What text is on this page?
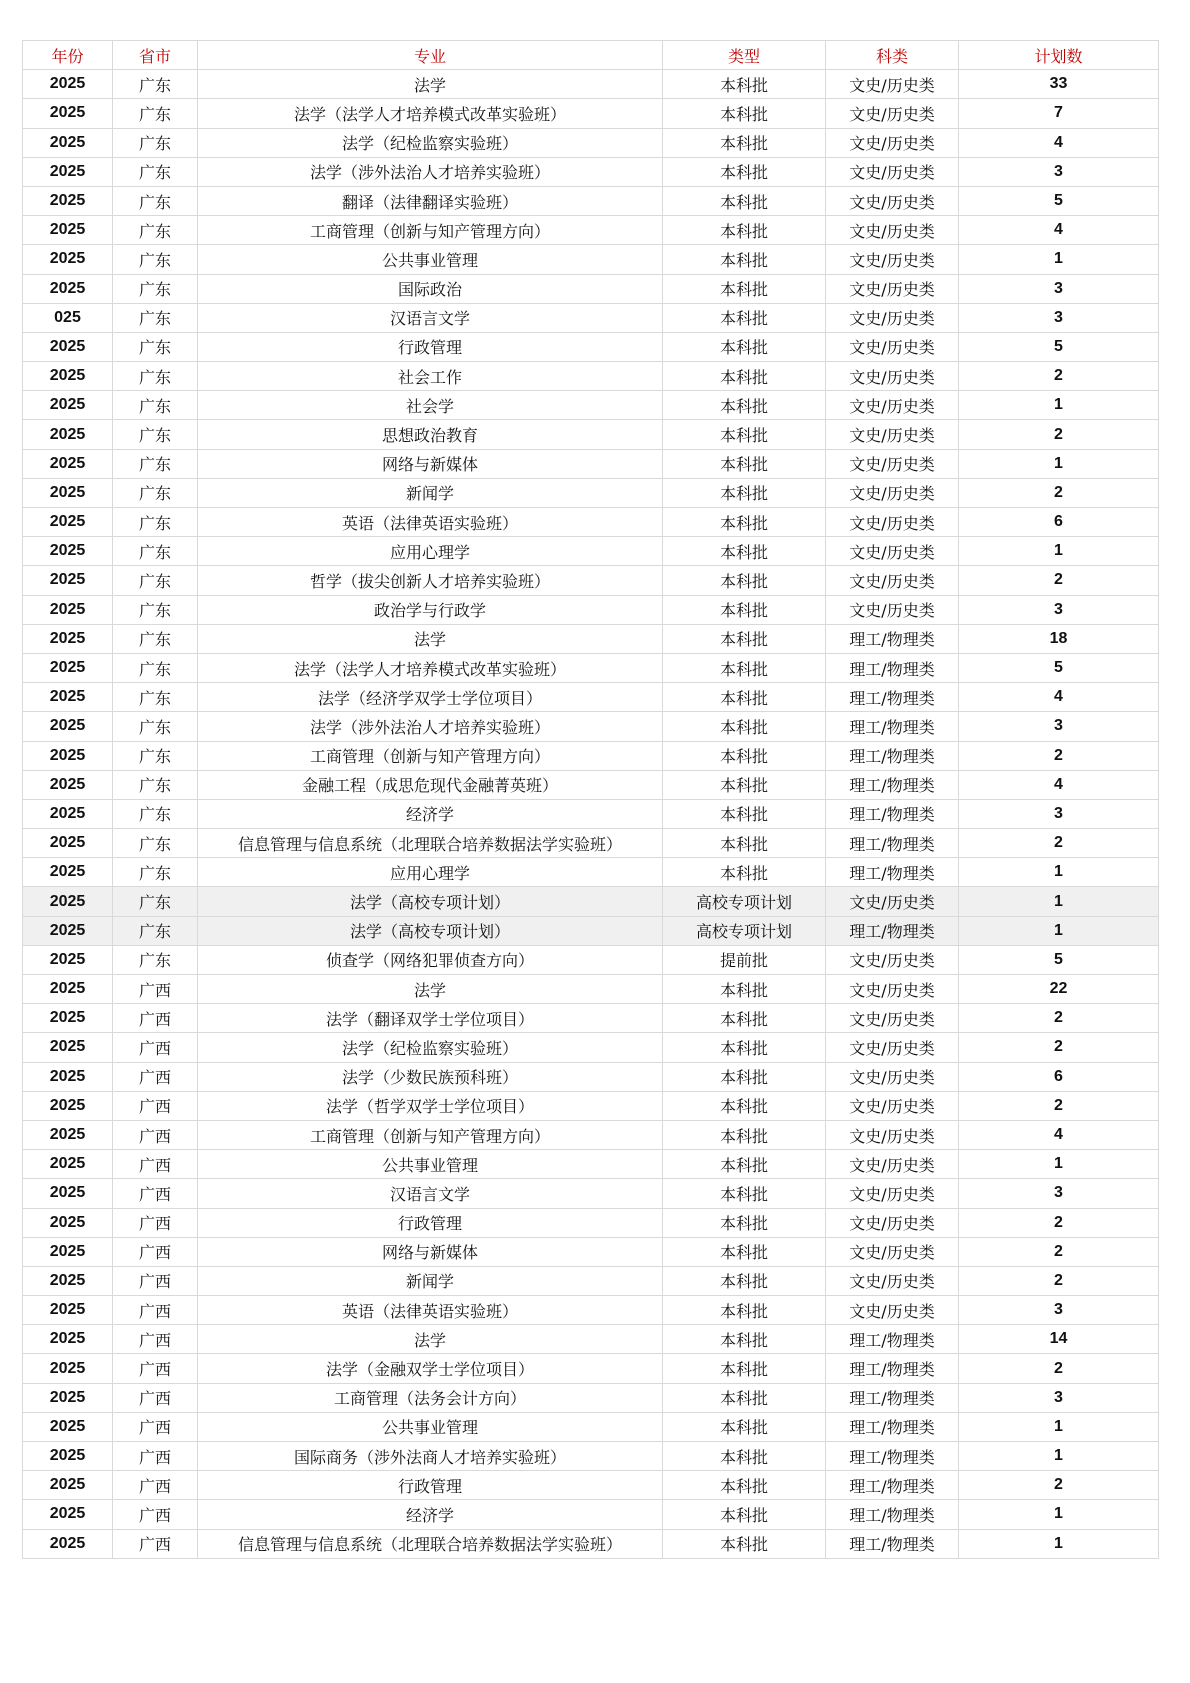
年份	省市	专业	类型	科类	计划数
2025	广东	法学	本科批	文史/历史类	33
2025	广东	法学（法学人才培养模式改革实验班）	本科批	文史/历史类	7
2025	广东	法学（纪检监察实验班）	本科批	文史/历史类	4
2025	广东	法学（涉外法治人才培养实验班）	本科批	文史/历史类	3
2025	广东	翻译（法律翻译实验班）	本科批	文史/历史类	5
2025	广东	工商管理（创新与知产管理方向）	本科批	文史/历史类	4
2025	广东	公共事业管理	本科批	文史/历史类	1
2025	广东	国际政治	本科批	文史/历史类	3
025	广东	汉语言文学	本科批	文史/历史类	3
2025	广东	行政管理	本科批	文史/历史类	5
2025	广东	社会工作	本科批	文史/历史类	2
2025	广东	社会学	本科批	文史/历史类	1
2025	广东	思想政治教育	本科批	文史/历史类	2
2025	广东	网络与新媒体	本科批	文史/历史类	1
2025	广东	新闻学	本科批	文史/历史类	2
2025	广东	英语（法律英语实验班）	本科批	文史/历史类	6
2025	广东	应用心理学	本科批	文史/历史类	1
2025	广东	哲学（拔尖创新人才培养实验班）	本科批	文史/历史类	2
2025	广东	政治学与行政学	本科批	文史/历史类	3
2025	广东	法学	本科批	理工/物理类	18
2025	广东	法学（法学人才培养模式改革实验班）	本科批	理工/物理类	5
2025	广东	法学（经济学双学士学位项目）	本科批	理工/物理类	4
2025	广东	法学（涉外法治人才培养实验班）	本科批	理工/物理类	3
2025	广东	工商管理（创新与知产管理方向）	本科批	理工/物理类	2
2025	广东	金融工程（成思危现代金融菁英班）	本科批	理工/物理类	4
2025	广东	经济学	本科批	理工/物理类	3
2025	广东	信息管理与信息系统（北理联合培养数据法学实验班）	本科批	理工/物理类	2
2025	广东	应用心理学	本科批	理工/物理类	1
2025	广东	法学（高校专项计划）	高校专项计划	文史/历史类	1
2025	广东	法学（高校专项计划）	高校专项计划	理工/物理类	1
2025	广东	侦查学（网络犯罪侦查方向）	提前批	文史/历史类	5
2025	广西	法学	本科批	文史/历史类	22
2025	广西	法学（翻译双学士学位项目）	本科批	文史/历史类	2
2025	广西	法学（纪检监察实验班）	本科批	文史/历史类	2
2025	广西	法学（少数民族预科班）	本科批	文史/历史类	6
2025	广西	法学（哲学双学士学位项目）	本科批	文史/历史类	2
2025	广西	工商管理（创新与知产管理方向）	本科批	文史/历史类	4
2025	广西	公共事业管理	本科批	文史/历史类	1
2025	广西	汉语言文学	本科批	文史/历史类	3
2025	广西	行政管理	本科批	文史/历史类	2
2025	广西	网络与新媒体	本科批	文史/历史类	2
2025	广西	新闻学	本科批	文史/历史类	2
2025	广西	英语（法律英语实验班）	本科批	文史/历史类	3
2025	广西	法学	本科批	理工/物理类	14
2025	广西	法学（金融双学士学位项目）	本科批	理工/物理类	2
2025	广西	工商管理（法务会计方向）	本科批	理工/物理类	3
2025	广西	公共事业管理	本科批	理工/物理类	1
2025	广西	国际商务（涉外法商人才培养实验班）	本科批	理工/物理类	1
2025	广西	行政管理	本科批	理工/物理类	2
2025	广西	经济学	本科批	理工/物理类	1
2025	广西	信息管理与信息系统（北理联合培养数据法学实验班）	本科批	理工/物理类	1
